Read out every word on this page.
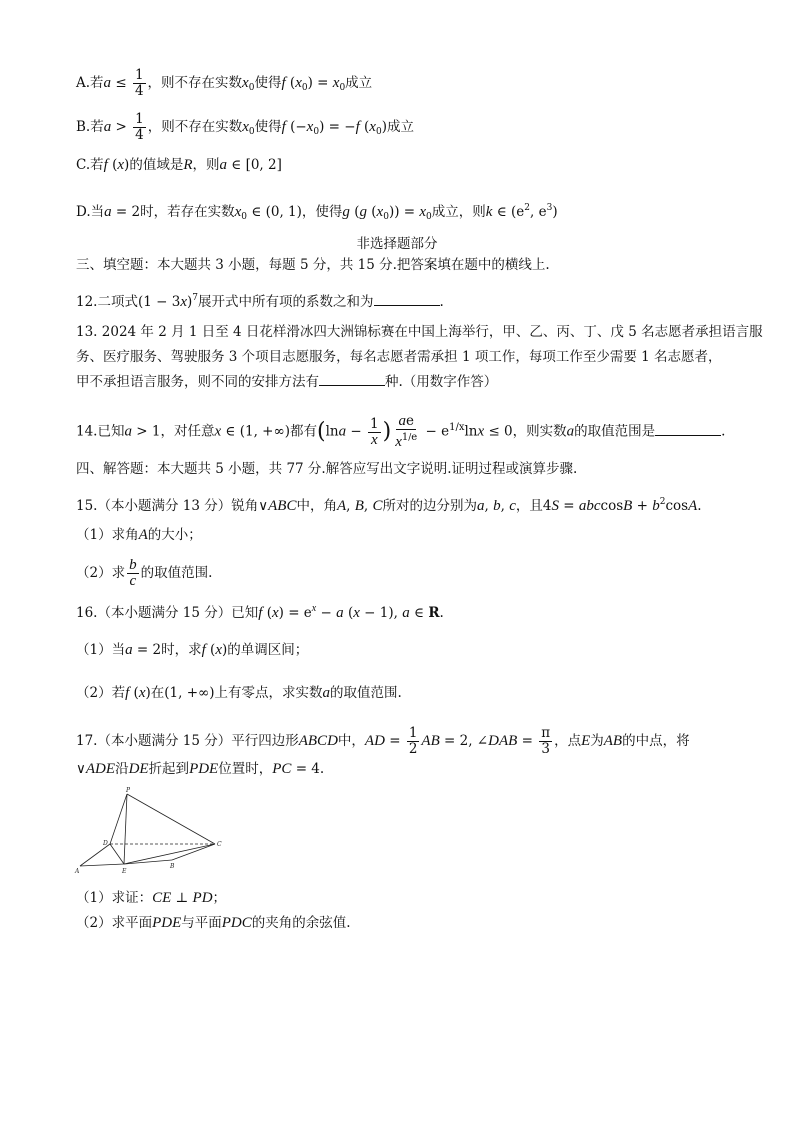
A.若$a \le \frac{1}{4}$ ，则不存在实数$x_0$使得f $(x_0) = x_0$成立
B.若$a > \frac{1}{4}$ ，则不存在实数$x_0$使得f $(-x_0) = -f$ $(x_0)$成立
C.若f (x)的值域是R，则a ∈ [0, 2]
D.当a = 2时，若存在实数$x_0$ ∈ (0, 1)，使得g (g $(x_0)) = x_0$成立，则k ∈ ($e^2$, $e^3$)
非选择题部分
三、填空题：本大题共 3 小题，每题 5 分，共 15 分.把答案填在题中的横线上.
12.二项式$(1 - 3x)^7$展开式中所有项的系数之和为	.
13. 2024 年 2 月 1 日至 4 日花样滑冰四大洲锦标赛在中国上海举行，甲、乙、丙、丁、戊 5 名志愿者承担语言服
务、医疗服务、驾驶服务 3 个项目志愿服务，每名志愿者需承担 1 项工作，每项工作至少需要 1 名志愿者，
甲不承担语言服务，则不同的安排方法有	种.（用数字作答）
14.已知a > 1，对任意x ∈ (1, +∞)都有($\ln a - \frac{1}{x}$ ) $\frac{ae}{x^{1/e}} - e^{1/x}\ln x \le 0$，则实数a的取值范围是	.
四、解答题：本大题共 5 小题，共 77 分.解答应写出文字说明.证明过程或演算步骤.
15.（本小题满分 13 分）锐角∨ABC中，角A, B, C所对的边分别为a, b, c，且$4S = abccosB + b^2\cos A$.
（1）求角A的大小；
（2）求 $\frac{b}{c}$ 的取值范围.
16.（本小题满分 15 分）已知f $(x) = e^x - a$ (x − 1), a ∈ R.
（1）当a = 2时，求f (x)的单调区间；
（2）若f (x)在(1, +∞)上有零点，求实数a的取值范围.
17.（本小题满分 15 分）平行四边形ABCD中，AD = $\frac{1}{2}$ AB = 2, ∠DAB = $\frac{\pi}{3}$ ，点E为AB的中点，将
∨ADE沿DE折起到PDE位置时，PC = 4.
P
D
A	E
B
C
（1）求证：CE ⊥ PD；
（2）求平面PDE与平面PDC的夹角的余弦值.
